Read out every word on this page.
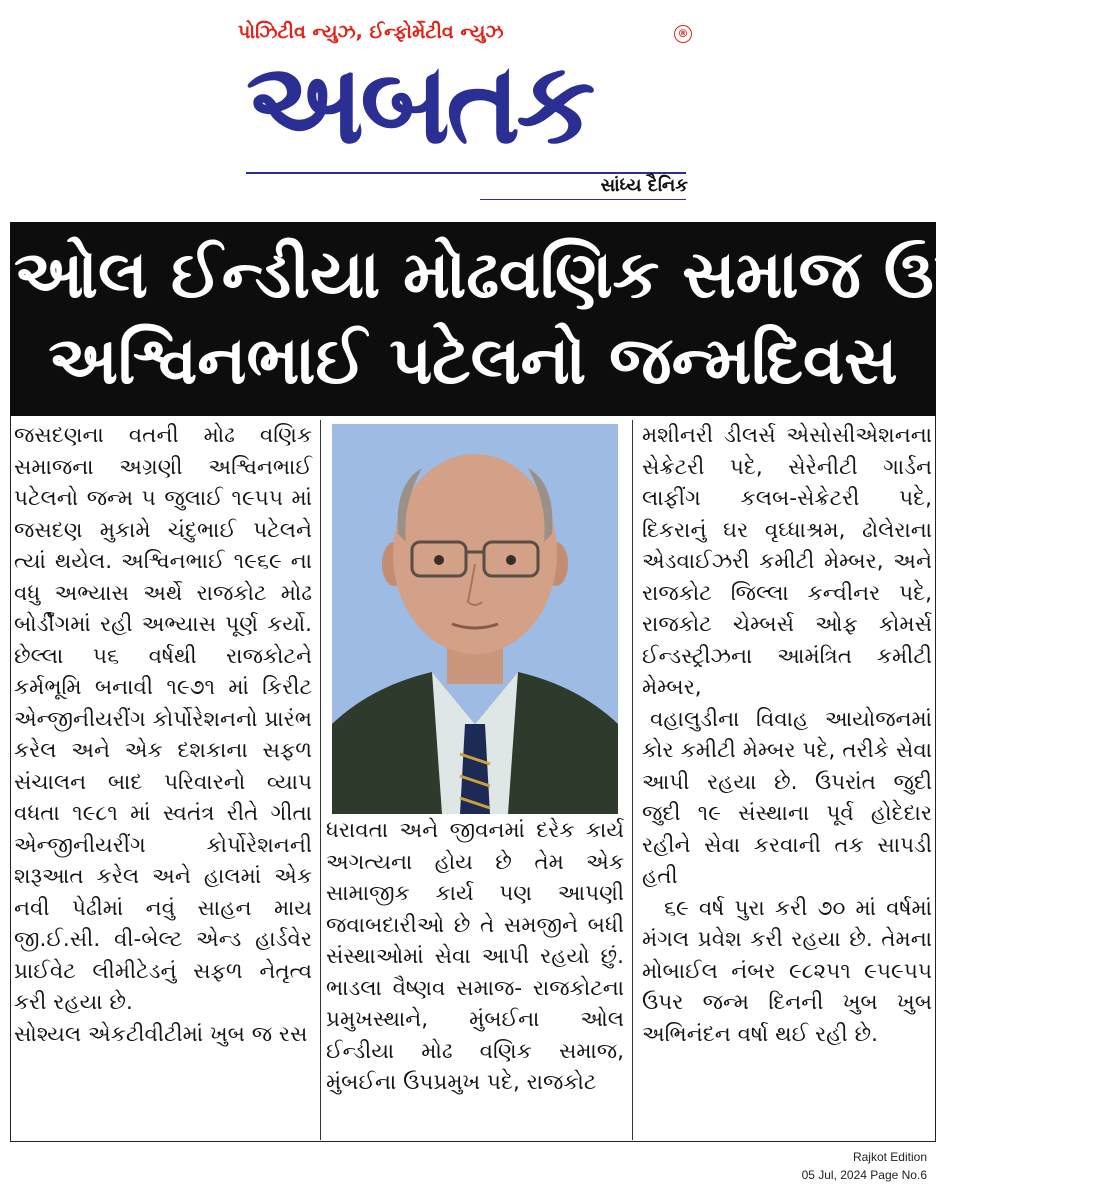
પોઝિટીવ ન્યુઝ, ઈન્ફોર્મેટીવ ન્યુઝ	®
અબતક
સાંધ્ય દૈનિક
ઓલ ઈન્ડીયા મોઢવણિક સમાજ ઉપપ્રમુખ
અશ્વિનભાઈ પટેલનો જન્મદિવસ

જસદણના વતની મોઢ વણિક સમાજના અગ્રણી અશ્વિનભાઈ પટેલનો જન્મ ૫ જુલાઈ ૧૯૫૫ માં જસદણ મુકામે ચંદુભાઈ પટેલને ત્યાં થયેલ. અશ્વિનભાઈ ૧૯૬૯ ના વધુ અભ્યાસ અર્થે રાજકોટ મોઢ બોર્ડીંગમાં રહી અભ્યાસ પૂર્ણ કર્યો. છેલ્લા ૫૬ વર્ષથી રાજકોટને કર્મભૂમિ બનાવી ૧૯૭૧ માં કિરીટ એન્જીનીયરીંગ કોર્પોરેશનનો પ્રારંભ કરેલ અને એક દશકાના સફળ સંચાલન બાદ પરિવારનો વ્યાપ વધતા ૧૯૮૧ માં સ્વતંત્ર રીતે ગીતા એન્જીનીયરીંગ કોર્પોરેશનની શરૂઆત કરેલ અને હાલમાં એક નવી પેઢીમાં નવું સાહન માય જી.ઈ.સી. વી-બેલ્ટ એન્ડ હાર્ડવેર પ્રાઈવેટ લીમીટેડનું સફળ નેતૃત્વ કરી રહયા છે.

સોશ્યલ એકટીવીટીમાં ખુબ જ રસ

ધરાવતા અને જીવનમાં દરેક કાર્ય અગત્યના હોય છે તેમ એક સામાજીક કાર્ય પણ આપણી જવાબદારીઓ છે તે સમજીને બધી સંસ્થાઓમાં સેવા આપી રહયો છું. ભાડલા વૈષ્ણવ સમાજ- રાજકોટના પ્રમુખસ્થાને, મુંબઈના ઓલ ઈન્ડીયા મોઢ વણિક સમાજ, મુંબઈના ઉપપ્રમુખ પદે, રાજકોટ

મશીનરી ડીલર્સ એસોસીએશનના સેક્રેટરી પદે, સેરેનીટી ગાર્ડન લાફીંગ કલબ-સેક્રેટરી પદે, દિકરાનું ઘર વૃઘ્ધાશ્રમ, ઢોલેરાના એડવાઈઝરી કમીટી મેમ્બર, અને રાજકોટ જિલ્લા કન્વીનર પદે, રાજકોટ ચેમ્બર્સ ઓફ કોમર્સ ઈન્ડસ્ટ્રીઝના આમંત્રિત કમીટી મેમ્બર,

વહાલુડીના વિવાહ આયોજનમાં કોર કમીટી મેમ્બર પદે, તરીકે સેવા આપી રહયા છે. ઉપરાંત જુદી જુદી ૧૯ સંસ્થાના પૂર્વ હોદેદાર રહીને સેવા કરવાની તક સાપડી હતી

૬૯ વર્ષ પુરા કરી ૭૦ માં વર્ષમાં મંગલ પ્રવેશ કરી રહયા છે. તેમના મોબાઈલ નંબર ૯૮૨૫૧ ૯૫૯૫૫ ઉપર જન્મ દિનની ખુબ ખુબ અભિનંદન વર્ષા થઈ રહી છે.

Rajkot Edition
05 Jul, 2024 Page No.6
